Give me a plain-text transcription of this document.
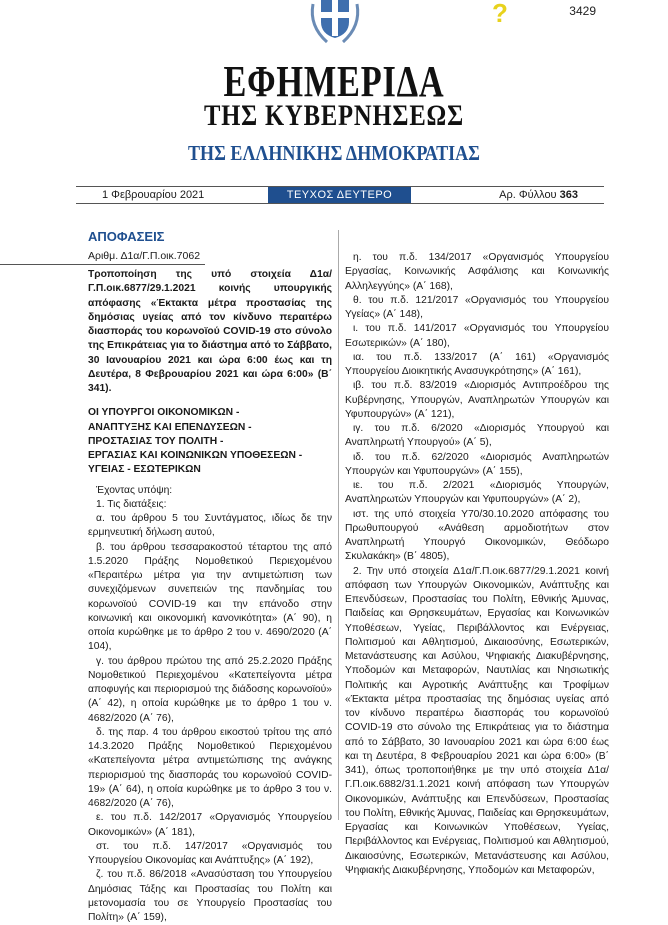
?	3429
ΕΦΗΜΕΡΙΔΑ
ΤΗΣ ΚΥΒΕΡΝΗΣΕΩΣ
ΤΗΣ ΕΛΛΗΝΙΚΗΣ ΔΗΜΟΚΡΑΤΙΑΣ
1 Φεβρουαρίου 2021	ΤΕΥΧΟΣ ΔΕΥΤΕΡΟ	Αρ. Φύλλου 363
ΑΠΟΦΑΣΕΙΣ
Αριθμ. Δ1α/Γ.Π.οικ.7062

Τροποποίηση της υπό στοιχεία Δ1α/Γ.Π.οικ.6877/29.1.2021 κοινής υπουργικής απόφασης «Έκτακτα μέτρα προστασίας της δημόσιας υγείας από τον κίνδυνο περαιτέρω διασποράς του κορωνοϊού COVID-19 στο σύνολο της Επικράτειας για το διάστημα από το Σάββατο, 30 Ιανουαρίου 2021 και ώρα 6:00 έως και τη Δευτέρα, 8 Φεβρουαρίου 2021 και ώρα 6:00» (Β΄ 341).

ΟΙ ΥΠΟΥΡΓΟΙ ΟΙΚΟΝΟΜΙΚΩΝ -
ΑΝΑΠΤΥΞΗΣ ΚΑΙ ΕΠΕΝΔΥΣΕΩΝ -
ΠΡΟΣΤΑΣΙΑΣ ΤΟΥ ΠΟΛΙΤΗ -
ΕΡΓΑΣΙΑΣ ΚΑΙ ΚΟΙΝΩΝΙΚΩΝ ΥΠΟΘΕΣΕΩΝ -
ΥΓΕΙΑΣ - ΕΣΩΤΕΡΙΚΩΝ

Έχοντας υπόψη:

1. Τις διατάξεις:

α. του άρθρου 5 του Συντάγματος, ιδίως δε την ερμηνευτική δήλωση αυτού,

β. του άρθρου τεσσαρακοστού τέταρτου της από 1.5.2020 Πράξης Νομοθετικού Περιεχομένου «Περαιτέρω μέτρα για την αντιμετώπιση των συνεχιζόμενων συνεπειών της πανδημίας του κορωνοϊού COVID-19 και την επάνοδο στην κοινωνική και οικονομική κανονικότητα» (Α΄ 90), η οποία κυρώθηκε με το άρθρο 2 του ν. 4690/2020 (Α΄ 104),

γ. του άρθρου πρώτου της από 25.2.2020 Πράξης Νομοθετικού Περιεχομένου «Κατεπείγοντα μέτρα αποφυγής και περιορισμού της διάδοσης κορωνοϊού» (Α΄ 42), η οποία κυρώθηκε με το άρθρο 1 του ν. 4682/2020 (Α΄ 76),

δ. της παρ. 4 του άρθρου εικοστού τρίτου της από 14.3.2020 Πράξης Νομοθετικού Περιεχομένου «Κατεπείγοντα μέτρα αντιμετώπισης της ανάγκης περιορισμού της διασποράς του κορωνοϊού COVID-19» (Α΄ 64), η οποία κυρώθηκε με το άρθρο 3 του ν. 4682/2020 (Α΄ 76),

ε. του π.δ. 142/2017 «Οργανισμός Υπουργείου Οικονομικών» (Α΄ 181),

στ. του π.δ. 147/2017 «Οργανισμός του Υπουργείου Οικονομίας και Ανάπτυξης» (Α΄ 192),

ζ. του π.δ. 86/2018 «Ανασύσταση του Υπουργείου Δημόσιας Τάξης και Προστασίας του Πολίτη και μετονομασία του σε Υπουργείο Προστασίας του Πολίτη» (Α΄ 159),

η. του π.δ. 134/2017 «Οργανισμός Υπουργείου Εργασίας, Κοινωνικής Ασφάλισης και Κοινωνικής Αλληλεγγύης» (Α΄ 168),

θ. του π.δ. 121/2017 «Οργανισμός του Υπουργείου Υγείας» (Α΄ 148),

ι. του π.δ. 141/2017 «Οργανισμός του Υπουργείου Εσωτερικών» (Α΄ 180),

ια. του π.δ. 133/2017 (Α΄ 161) «Οργανισμός Υπουργείου Διοικητικής Ανασυγκρότησης» (Α΄ 161),

ιβ. του π.δ. 83/2019 «Διορισμός Αντιπροέδρου της Κυβέρνησης, Υπουργών, Αναπληρωτών Υπουργών και Υφυπουργών» (Α΄ 121),

ιγ. του π.δ. 6/2020 «Διορισμός Υπουργού και Αναπληρωτή Υπουργού» (Α΄ 5),

ιδ. του π.δ. 62/2020 «Διορισμός Αναπληρωτών Υπουργών και Υφυπουργών» (Α΄ 155),

ιε. του π.δ. 2/2021 «Διορισμός Υπουργών, Αναπληρωτών Υπουργών και Υφυπουργών» (Α΄ 2),

ιστ. της υπό στοιχεία Υ70/30.10.2020 απόφασης του Πρωθυπουργού «Ανάθεση αρμοδιοτήτων στον Αναπληρωτή Υπουργό Οικονομικών, Θεόδωρο Σκυλακάκη» (Β΄ 4805),

2. Την υπό στοιχεία Δ1α/Γ.Π.οικ.6877/29.1.2021 κοινή απόφαση των Υπουργών Οικονομικών, Ανάπτυξης και Επενδύσεων, Προστασίας του Πολίτη, Εθνικής Άμυνας, Παιδείας και Θρησκευμάτων, Εργασίας και Κοινωνικών Υποθέσεων, Υγείας, Περιβάλλοντος και Ενέργειας, Πολιτισμού και Αθλητισμού, Δικαιοσύνης, Εσωτερικών, Μετανάστευσης και Ασύλου, Ψηφιακής Διακυβέρνησης, Υποδομών και Μεταφορών, Ναυτιλίας και Νησιωτικής Πολιτικής και Αγροτικής Ανάπτυξης και Τροφίμων «Έκτακτα μέτρα προστασίας της δημόσιας υγείας από τον κίνδυνο περαιτέρω διασποράς του κορωνοϊού COVID-19 στο σύνολο της Επικράτειας για το διάστημα από το Σάββατο, 30 Ιανουαρίου 2021 και ώρα 6:00 έως και τη Δευτέρα, 8 Φεβρουαρίου 2021 και ώρα 6:00» (Β΄ 341), όπως τροποποιήθηκε με την υπό στοιχεία Δ1α/Γ.Π.οικ.6882/31.1.2021 κοινή απόφαση των Υπουργών Οικονομικών, Ανάπτυξης και Επενδύσεων, Προστασίας του Πολίτη, Εθνικής Άμυνας, Παιδείας και Θρησκευμάτων, Εργασίας και Κοινωνικών Υποθέσεων, Υγείας, Περιβάλλοντος και Ενέργειας, Πολιτισμού και Αθλητισμού, Δικαιοσύνης, Εσωτερικών, Μετανάστευσης και Ασύλου, Ψηφιακής Διακυβέρνησης, Υποδομών και Μεταφορών,
